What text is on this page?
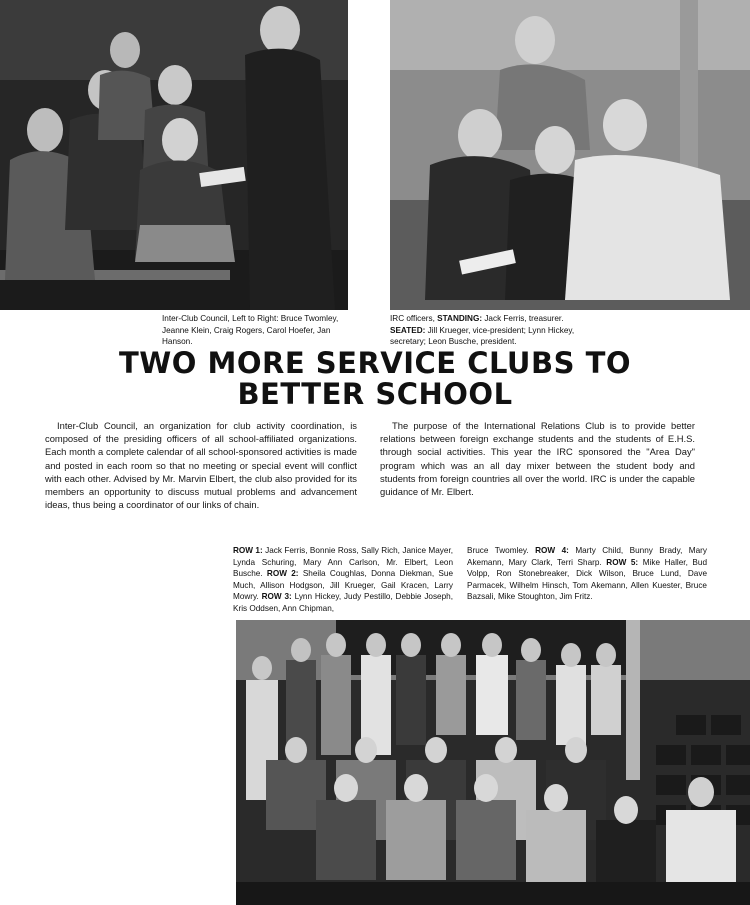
Inter-Club Council, Left to Right: Bruce Twomley, Jeanne Klein, Craig Rogers, Carol Hoefer, Jan Hanson.
IRC officers, STANDING: Jack Ferris, treasurer.
SEATED: Jill Krueger, vice-president; Lynn Hickey, secretary; Leon Busche, president.
TWO MORE SERVICE CLUBS TO
BETTER SCHOOL
Inter-Club Council, an organization for club activity coordination, is composed of the presiding officers of all school-affiliated organizations. Each month a complete calendar of all school-sponsored activities is made and posted in each room so that no meeting or special event will conflict with each other. Advised by Mr. Marvin Elbert, the club also provided for its members an opportunity to discuss mutual problems and advancement ideas, thus being a coordinator of our links of chain.
The purpose of the International Relations Club is to provide better relations between foreign exchange students and the students of E.H.S. through social activities. This year the IRC sponsored the "Area Day" program which was an all day mixer between the student body and students from foreign countries all over the world. IRC is under the capable guidance of Mr. Elbert.
ROW 1: Jack Ferris, Bonnie Ross, Sally Rich, Janice Mayer, Lynda Schuring, Mary Ann Carlson, Mr. Elbert, Leon Busche. ROW 2: Sheila Coughlas, Donna Diekman, Sue Much, Allison Hodgson, Jill Krueger, Gail Kracen, Larry Mowry. ROW 3: Lynn Hickey, Judy Pestillo, Debbie Joseph, Kris Oddsen, Ann Chipman,
Bruce Twomley. ROW 4: Marty Child, Bunny Brady, Mary Akemann, Mary Clark, Terri Sharp. ROW 5: Mike Haller, Bud Volpp, Ron Stonebreaker, Dick Wilson, Bruce Lund, Dave Parmacek, Wilhelm Hinsch, Tom Akemann, Allen Kuester, Bruce Bazsali, Mike Stoughton, Jim Fritz.
